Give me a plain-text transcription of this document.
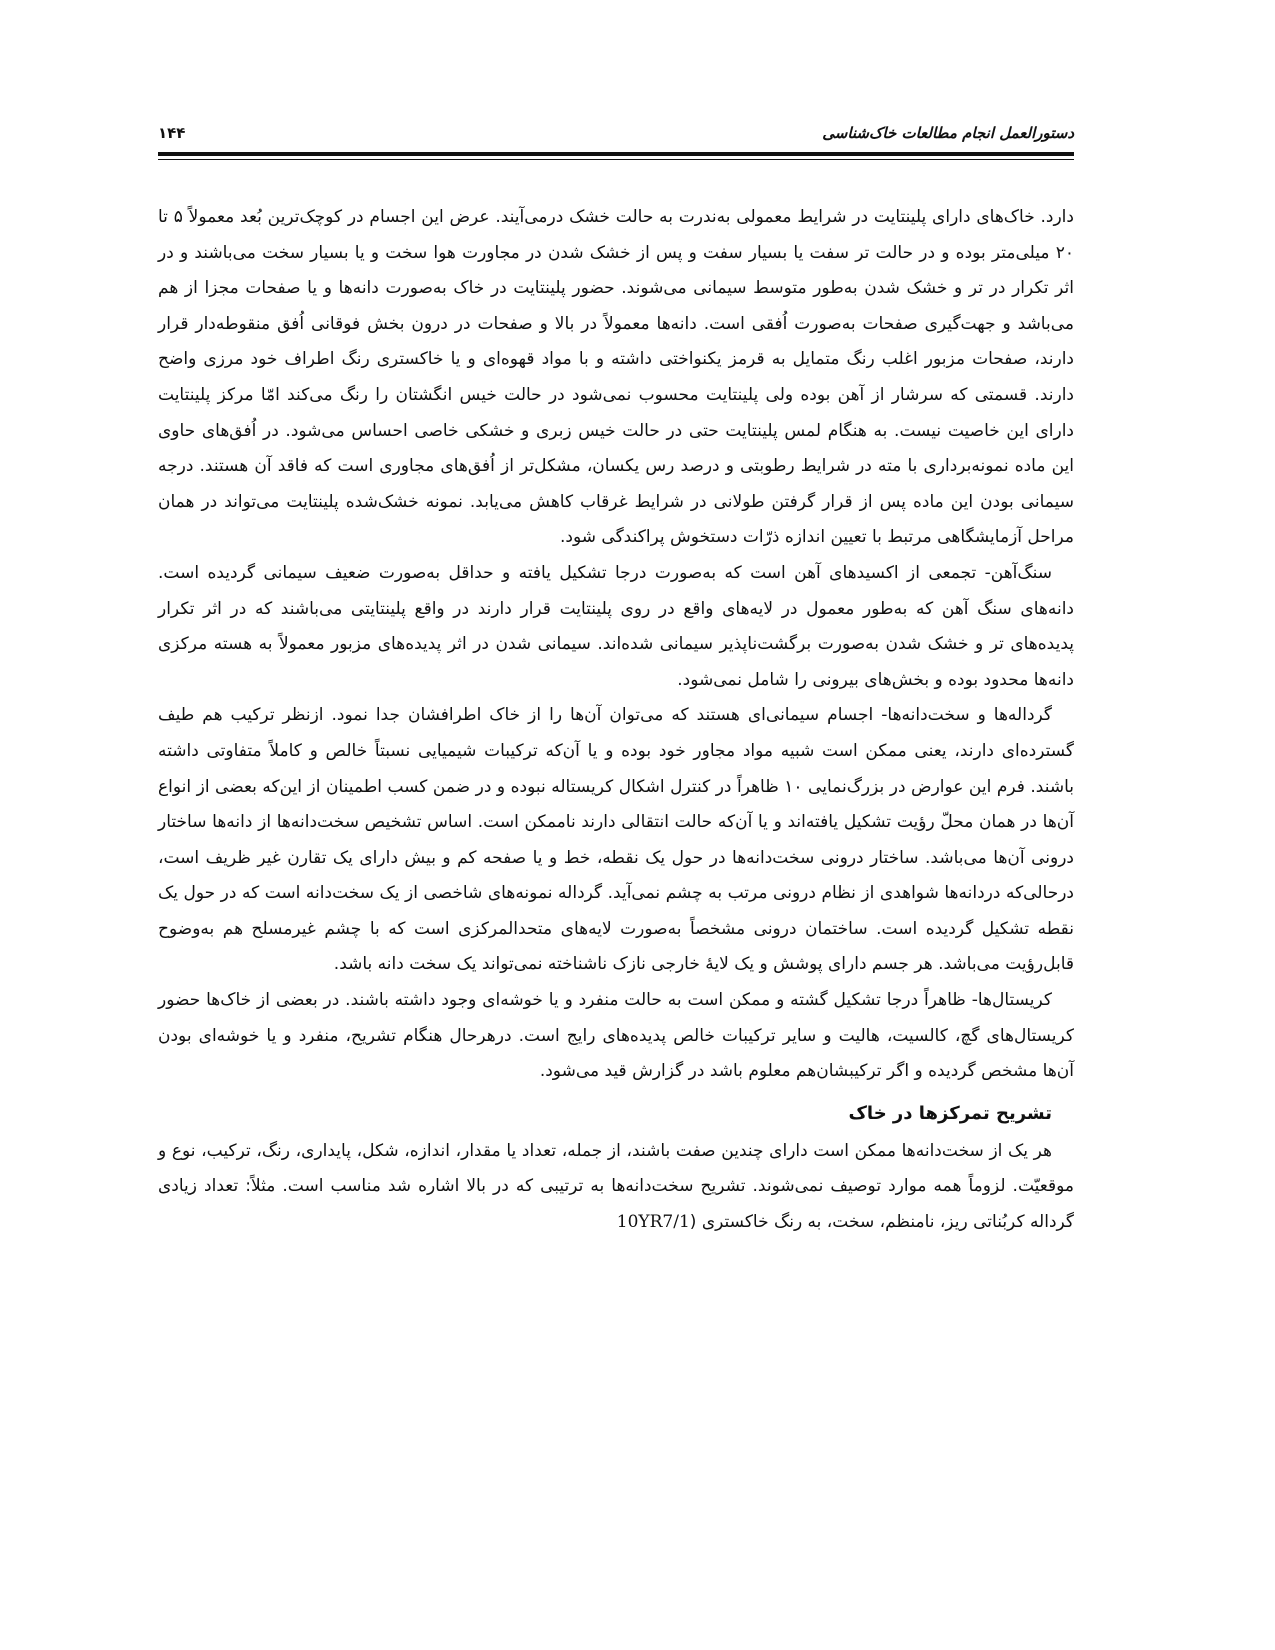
دستورالعمل انجام مطالعات خاک‌شناسی
۱۴۴

دارد. خاک‌های دارای پلینتایت در شرایط معمولی به‌ندرت به حالت خشک درمی‌آیند. عرض این اجسام در کوچک‌ترین بُعد معمولاً ۵ تا ۲۰ میلی‌متر بوده و در حالت تر سفت یا بسیار سفت و پس از خشک شدن در مجاورت هوا سخت و یا بسیار سخت می‌باشند و در اثر تکرار در تر و خشک شدن به‌طور متوسط سیمانی می‌شوند. حضور پلینتایت در خاک به‌صورت دانه‌ها و یا صفحات مجزا از هم می‌باشد و جهت‌گیری صفحات به‌صورت اُفقی است. دانه‌ها معمولاً در بالا و صفحات در درون بخش فوقانی اُفق منقوطه‌دار قرار دارند، صفحات مزبور اغلب رنگ متمایل به قرمز یکنواختی داشته و با مواد قهوه‌ای و یا خاکستری رنگ اطراف خود مرزی واضح دارند. قسمتی که سرشار از آهن بوده ولی پلینتایت محسوب نمی‌شود در حالت خیس انگشتان را رنگ می‌کند امّا مرکز پلینتایت دارای این خاصیت نیست. به هنگام لمس پلینتایت حتی در حالت خیس زبری و خشکی خاصی احساس می‌شود. در اُفق‌های حاوی این ماده نمونه‌برداری با مته در شرایط رطوبتی و درصد رس یکسان، مشکل‌تر از اُفق‌های مجاوری است که فاقد آن هستند. درجه سیمانی بودن این ماده پس از قرار گرفتن طولانی در شرایط غرقاب کاهش می‌یابد. نمونه خشک‌شده پلینتایت می‌تواند در همان مراحل آزمایشگاهی مرتبط با تعیین اندازه ذرّات دستخوش پراکندگی شود.

سنگ‌آهن- تجمعی از اکسیدهای آهن است که به‌صورت درجا تشکیل یافته و حداقل به‌صورت ضعیف سیمانی گردیده است. دانه‌های سنگ آهن که به‌طور معمول در لایه‌های واقع در روی پلینتایت قرار دارند در واقع پلینتایتی می‌باشند که در اثر تکرار پدیده‌های تر و خشک شدن به‌صورت برگشت‌ناپذیر سیمانی شده‌اند. سیمانی شدن در اثر پدیده‌های مزبور معمولاً به هسته مرکزی دانه‌ها محدود بوده و بخش‌های بیرونی را شامل نمی‌شود.

گرداله‌ها و سخت‌دانه‌ها- اجسام سیمانی‌ای هستند که می‌توان آن‌ها را از خاک اطرافشان جدا نمود. ازنظر ترکیب هم طیف گسترده‌ای دارند، یعنی ممکن است شبیه مواد مجاور خود بوده و یا آن‌که ترکیبات شیمیایی نسبتاً خالص و کاملاً متفاوتی داشته باشند. فرم این عوارض در بزرگ‌نمایی ۱۰ ظاهراً در کنترل اشکال کریستاله نبوده و در ضمن کسب اطمینان از این‌که بعضی از انواع آن‌ها در همان محلّ رؤیت تشکیل یافته‌اند و یا آن‌که حالت انتقالی دارند ناممکن است. اساس تشخیص سخت‌دانه‌ها از دانه‌ها ساختار درونی آن‌ها می‌باشد. ساختار درونی سخت‌دانه‌ها در حول یک نقطه، خط و یا صفحه کم و بیش دارای یک تقارن غیر ظریف است، درحالی‌که دردانه‌ها شواهدی از نظام درونی مرتب به چشم نمی‌آید. گرداله نمونه‌های شاخصی از یک سخت‌دانه است که در حول یک نقطه تشکیل گردیده است. ساختمان درونی مشخصاً به‌صورت لایه‌های متحدالمرکزی است که با چشم غیرمسلح هم به‌وضوح قابل‌رؤیت می‌باشد. هر جسم دارای پوشش و یک لایهٔ خارجی نازک ناشناخته نمی‌تواند یک سخت دانه باشد.

کریستال‌ها- ظاهراً درجا تشکیل گشته و ممکن است به حالت منفرد و یا خوشه‌ای وجود داشته باشند. در بعضی از خاک‌ها حضور کریستال‌های گچ، کالسیت، هالیت و سایر ترکیبات خالص پدیده‌های رایج است. درهرحال هنگام تشریح، منفرد و یا خوشه‌ای بودن آن‌ها مشخص گردیده و اگر ترکیبشان‌هم معلوم باشد در گزارش قید می‌شود.

تشریح تمرکزها در خاک

هر یک از سخت‌دانه‌ها ممکن است دارای چندین صفت باشند، از جمله، تعداد یا مقدار، اندازه، شکل، پایداری، رنگ، ترکیب، نوع و موقعیّت. لزوماً همه موارد توصیف نمی‌شوند. تشریح سخت‌دانه‌ها به ترتیبی که در بالا اشاره شد مناسب است. مثلاً: تعداد زیادی گرداله کربُناتی ریز، نامنظم، سخت، به رنگ خاکستری (10YR7/1
